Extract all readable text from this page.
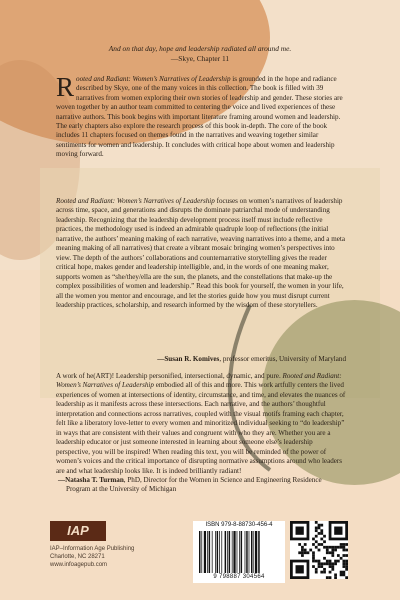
And on that day, hope and leadership radiated all around me.
—Skye, Chapter 11
Rooted and Radiant: Women’s Narratives of Leadership is grounded in the hope and radiance described by Skye, one of the many voices in this collection. The book is filled with 39 narratives from women exploring their own stories of leadership and gender. These stories are woven together by an author team committed to centering the voice and lived experiences of these narrative authors. This book begins with important literature framing around women and leadership. The early chapters also explore the research process of this book in-depth. The core of the book includes 11 chapters focused on themes found in the narratives and weaving together similar sentiments for women and leadership. It concludes with critical hope about women and leadership moving forward.
Rooted and Radiant: Women’s Narratives of Leadership focuses on women’s narratives of leadership across time, space, and generations and disrupts the dominate patriarchal mode of understanding leadership. Recognizing that the leadership development process itself must include reflective practices, the methodology used is indeed an admirable quadruple loop of reflections (the initial narrative, the authors’ meaning making of each narrative, weaving narratives into a theme, and a meta meaning making of all narratives) that create a vibrant mosaic bringing women’s perspectives into view. The depth of the authors’ collaborations and counternarrative storytelling gives the reader critical hope, makes gender and leadership intelligible, and, in the words of one meaning maker, supports women as “she/they/ella are the sun, the planets, and the constellations that make-up the complex possibilities of women and leadership.” Read this book for yourself, the women in your life, all the women you mentor and encourage, and let the stories guide how you must disrupt current leadership practices, scholarship, and research informed by the wisdom of these storytellers.
—Susan R. Komives, professor emeritus, University of Maryland
A work of he(ART)! Leadership personified, intersectional, dynamic, and pure. Rooted and Radiant: Women’s Narratives of Leadership embodied all of this and more. This work artfully centers the lived experiences of women at intersections of identity, circumstance, and time, and elevates the nuances of leadership as it manifests across these intersections. Each narrative, and the authors’ thoughtful interpretation and connections across narratives, coupled with the visual motifs framing each chapter, felt like a liberatory love-letter to every women and minoritized individual seeking to “do leadership” in ways that are consistent with their values and congruent with who they are. Whether you are a leadership educator or just someone interested in learning about someone else’s leadership perspective, you will be inspired! When reading this text, you will be reminded of the power of women’s voices and the critical importance of disrupting normative assumptions around who leaders are and what leadership looks like. It is indeed brilliantly radiant!
—Natasha T. Turman, PhD, Director for the Women in Science and Engineering Residence Program at the University of Michigan
IAP
IAP–Information Age Publishing
Charlotte, NC 28271
www.infoagepub.com
ISBN 979-8-88730-456-4
9 798887 304564
